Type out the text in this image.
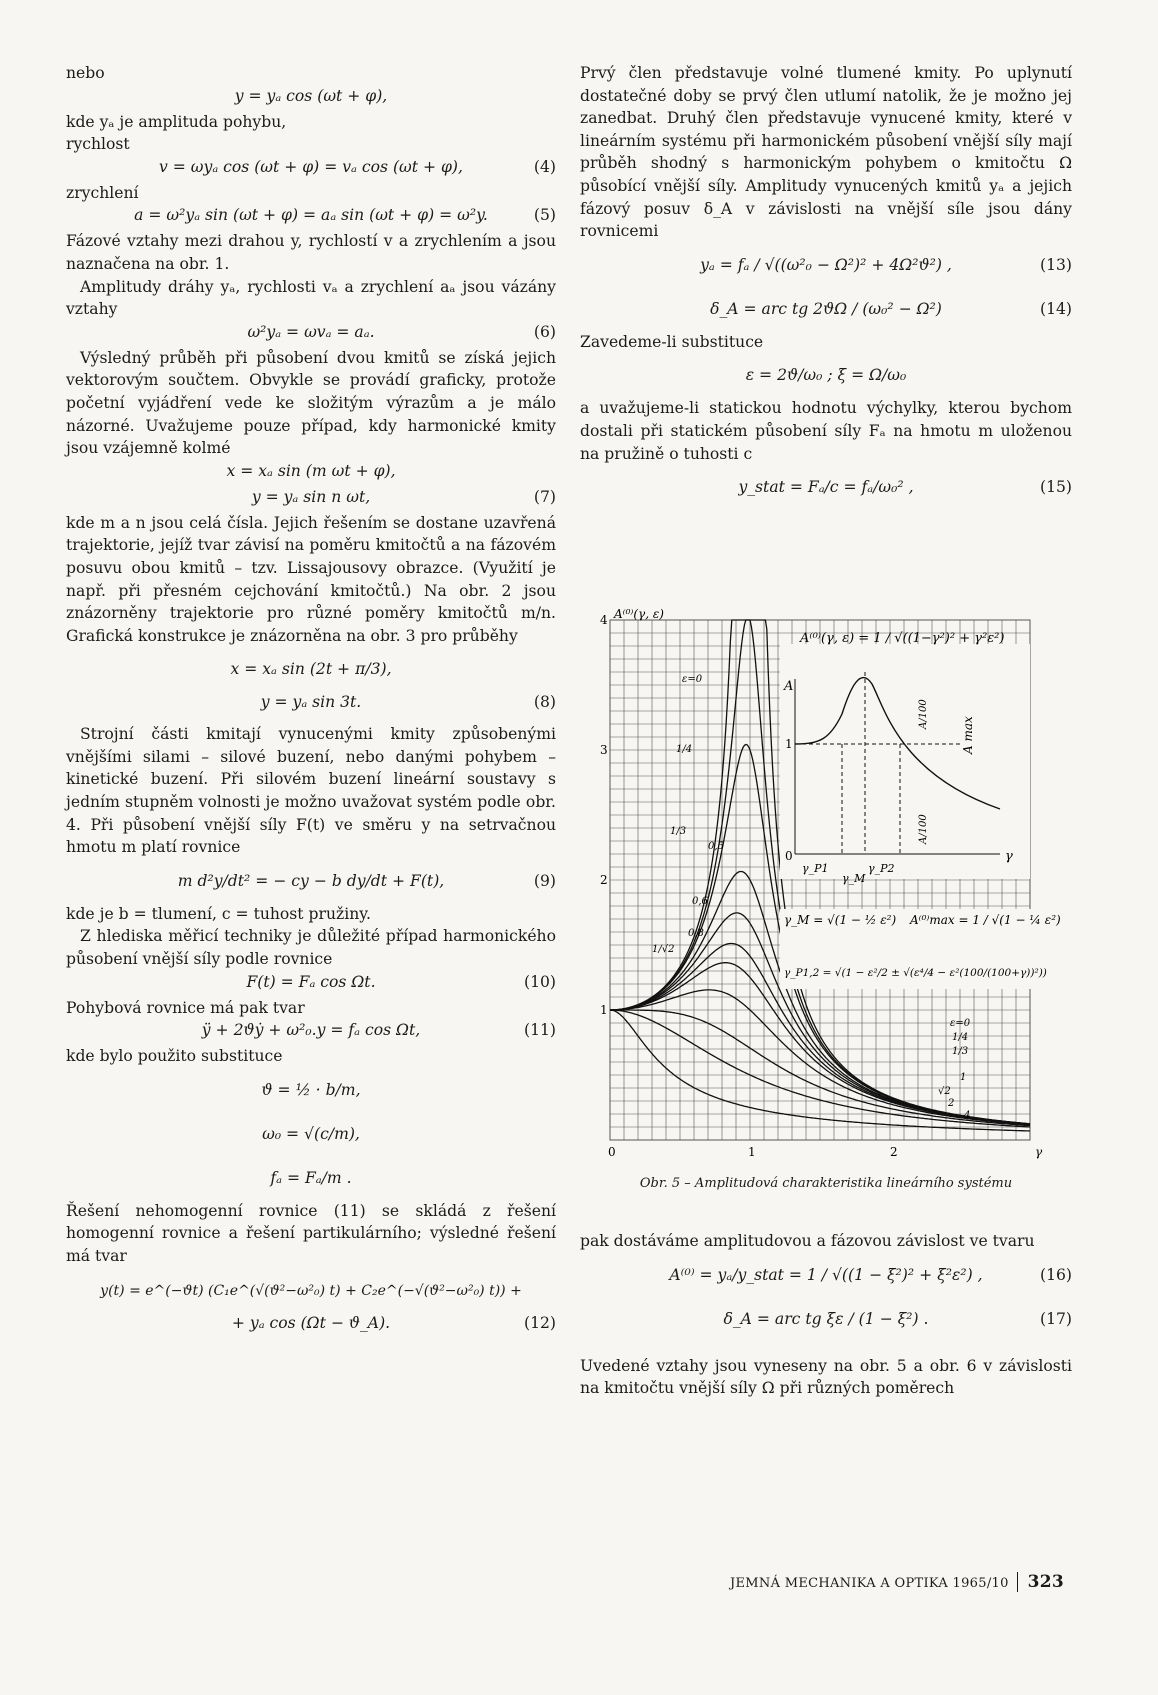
nebo

y = yₐ cos (ωt + φ),

kde yₐ je amplituda pohybu,

rychlost

v = ωyₐ cos (ωt + φ) = vₐ cos (ωt + φ),	(4)

zrychlení

a = ω²yₐ sin (ωt + φ) = aₐ sin (ωt + φ) = ω²y.	(5)

Fázové vztahy mezi drahou y, rychlostí v a zrychlením a jsou naznačena na obr. 1.

Amplitudy dráhy yₐ, rychlosti vₐ a zrychlení aₐ jsou vázány vztahy

ω²yₐ = ωvₐ = aₐ.	(6)

Výsledný průběh při působení dvou kmitů se získá jejich vektorovým součtem. Obvykle se provádí graficky, protože početní vyjádření vede ke složitým výrazům a je málo názorné. Uvažujeme pouze případ, kdy harmonické kmity jsou vzájemně kolmé

x = xₐ sin (m ωt + φ),
y = yₐ sin n ωt,	(7)

kde m a n jsou celá čísla. Jejich řešením se dostane uzavřená trajektorie, jejíž tvar závisí na poměru kmitočtů a na fázovém posuvu obou kmitů – tzv. Lissajousovy obrazce. (Využití je např. při přesném cejchování kmitočtů.) Na obr. 2 jsou znázorněny trajektorie pro různé poměry kmitočtů m/n. Grafická konstrukce je znázorněna na obr. 3 pro průběhy

x = xₐ sin (2t + π/3),
y = yₐ sin 3t.	(8)

Strojní části kmitají vynucenými kmity způsobenými vnějšími silami – silové buzení, nebo danými pohybem – kinetické buzení. Při silovém buzení lineární soustavy s jedním stupněm volnosti je možno uvažovat systém podle obr. 4. Při působení vnější síly F(t) ve směru y na setrvačnou hmotu m platí rovnice

m d²y/dt² = − cy − b dy/dt + F(t),	(9)

kde je b = tlumení, c = tuhost pružiny.

Z hlediska měřicí techniky je důležité případ harmonického působení vnější síly podle rovnice

F(t) = Fₐ cos Ωt.	(10)

Pohybová rovnice má pak tvar

ÿ + 2ϑẏ + ω²₀.y = fₐ cos Ωt,	(11)

kde bylo použito substituce

ϑ = ½ · b/m,
ω₀ = √(c/m),
fₐ = Fₐ/m .

Řešení nehomogenní rovnice (11) se skládá z řešení homogenní rovnice a řešení partikulárního; výsledné řešení má tvar

y(t) = e^(−ϑt) (C₁e^(√(ϑ²−ω²₀) t) + C₂e^(−√(ϑ²−ω²₀) t)) +
+ yₐ cos (Ωt − ϑ_A).	(12)

Prvý člen představuje volné tlumené kmity. Po uplynutí dostatečné doby se prvý člen utlumí natolik, že je možno jej zanedbat. Druhý člen představuje vynucené kmity, které v lineárním systému při harmonickém působení vnější síly mají průběh shodný s harmonickým pohybem o kmitočtu Ω působící vnější síly. Amplitudy vynucených kmitů yₐ a jejich fázový posuv δ_A v závislosti na vnější síle jsou dány rovnicemi

yₐ = fₐ / √((ω²₀ − Ω²)² + 4Ω²ϑ²) ,	(13)
δ_A = arc tg 2ϑΩ / (ω₀² − Ω²)	(14)

Zavedeme-li substituce

ε = 2ϑ/ω₀ ; ξ = Ω/ω₀

a uvažujeme-li statickou hodnotu výchylky, kterou bychom dostali při statickém působení síly Fₐ na hmotu m uloženou na pružině o tuhosti c

y_stat = Fₐ/c = fₐ/ω₀² ,	(15)
A⁽⁰⁾(γ, ε) = 1 / √((1−γ²)² + γ²ε²)
A
1
0	γ
A max
γ_P1
γ_M
γ_P2
A/100
A/100
γ_M = √(1 − ½ ε²) A⁽⁰⁾max = 1 / √(1 − ¼ ε²)
γ_P1,2 = √(1 − ε²/2 ± √(ε⁴/4 − ε²(100/(100+γ))²))
A⁽⁰⁾(γ, ε)
4
3
2
1
0	1	2	γ
ε=0
1/4
1/3
0,5
0,6
0,8
1/√2
ε=0
1/4
1/3
1
√2
2
4
Obr. 5 – Amplitudová charakteristika lineárního systému

pak dostáváme amplitudovou a fázovou závislost ve tvaru

A⁽⁰⁾ = yₐ/y_stat = 1 / √((1 − ξ²)² + ξ²ε²) ,	(16)
δ_A = arc tg ξε / (1 − ξ²) .	(17)

Uvedené vztahy jsou vyneseny na obr. 5 a obr. 6 v závislosti na kmitočtu vnější síly Ω při různých poměrech

JEMNÁ MECHANIKA A OPTIKA 1965/10 323
